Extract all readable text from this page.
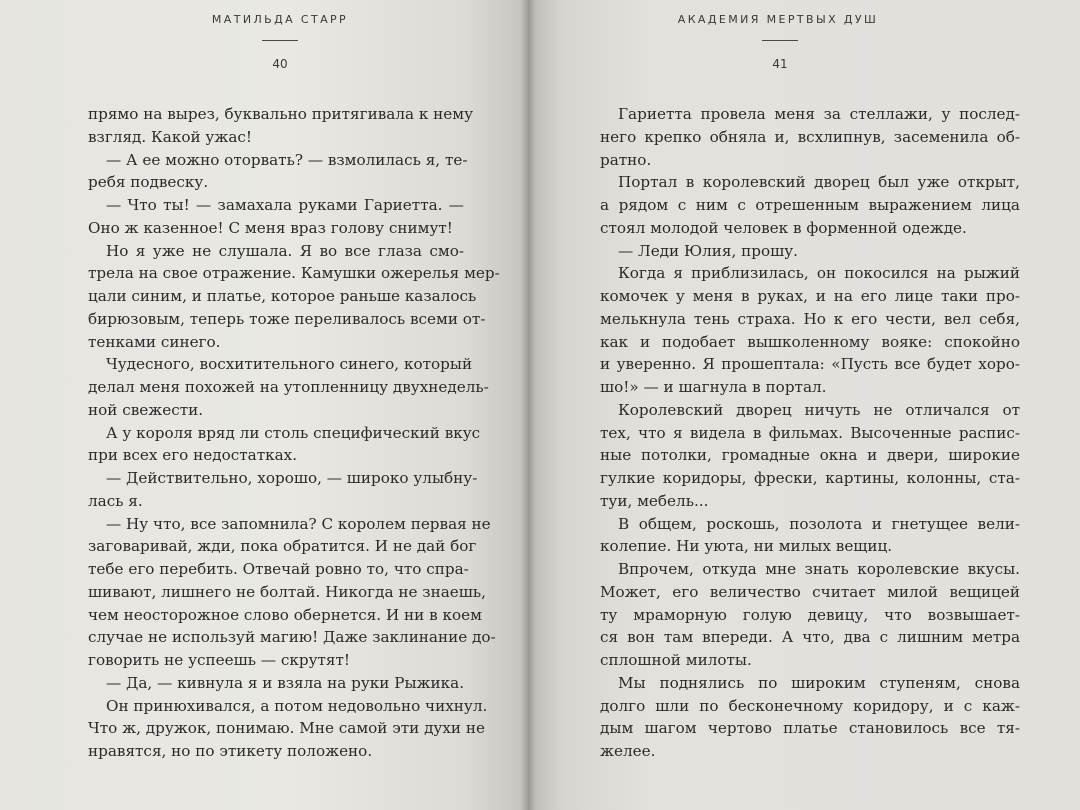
МАТИЛЬДА СТАРР
40
прямо на вырез, буквально притягивала к нему
взгляд. Какой ужас!
— А ее можно оторвать? — взмолилась я, те-
ребя подвеску.
— Что ты! — замахала руками Гариетта. —
Оно ж казенное! С меня враз голову снимут!
Но я уже не слушала. Я во все глаза смо-
трела на свое отражение. Камушки ожерелья мер-
цали синим, и платье, которое раньше казалось
бирюзовым, теперь тоже переливалось всеми от-
тенками синего.
Чудесного, восхитительного синего, который
делал меня похожей на утопленницу двухнедель-
ной свежести.
А у короля вряд ли столь специфический вкус
при всех его недостатках.
— Действительно, хорошо, — широко улыбну-
лась я.
— Ну что, все запомнила? С королем первая не
заговаривай, жди, пока обратится. И не дай бог
тебе его перебить. Отвечай ровно то, что спра-
шивают, лишнего не болтай. Никогда не знаешь,
чем неосторожное слово обернется. И ни в коем
случае не используй магию! Даже заклинание до-
говорить не успеешь — скрутят!
— Да, — кивнула я и взяла на руки Рыжика.
Он принюхивался, а потом недовольно чихнул.
Что ж, дружок, понимаю. Мне самой эти духи не
нравятся, но по этикету положено.
АКАДЕМИЯ МЕРТВЫХ ДУШ
41
Гариетта провела меня за стеллажи, у послед-
него крепко обняла и, всхлипнув, засеменила об-
ратно.
Портал в королевский дворец был уже открыт,
а рядом с ним с отрешенным выражением лица
стоял молодой человек в форменной одежде.
— Леди Юлия, прошу.
Когда я приблизилась, он покосился на рыжий
комочек у меня в руках, и на его лице таки про-
мелькнула тень страха. Но к его чести, вел себя,
как и подобает вышколенному вояке: спокойно
и уверенно. Я прошептала: «Пусть все будет хоро-
шо!» — и шагнула в портал.
Королевский дворец ничуть не отличался от
тех, что я видела в фильмах. Высоченные распис-
ные потолки, громадные окна и двери, широкие
гулкие коридоры, фрески, картины, колонны, ста-
туи, мебель...
В общем, роскошь, позолота и гнетущее вели-
колепие. Ни уюта, ни милых вещиц.
Впрочем, откуда мне знать королевские вкусы.
Может, его величество считает милой вещицей
ту мраморную голую девицу, что возвышает-
ся вон там впереди. А что, два с лишним метра
сплошной милоты.
Мы поднялись по широким ступеням, снова
долго шли по бесконечному коридору, и с каж-
дым шагом чертово платье становилось все тя-
желее.
